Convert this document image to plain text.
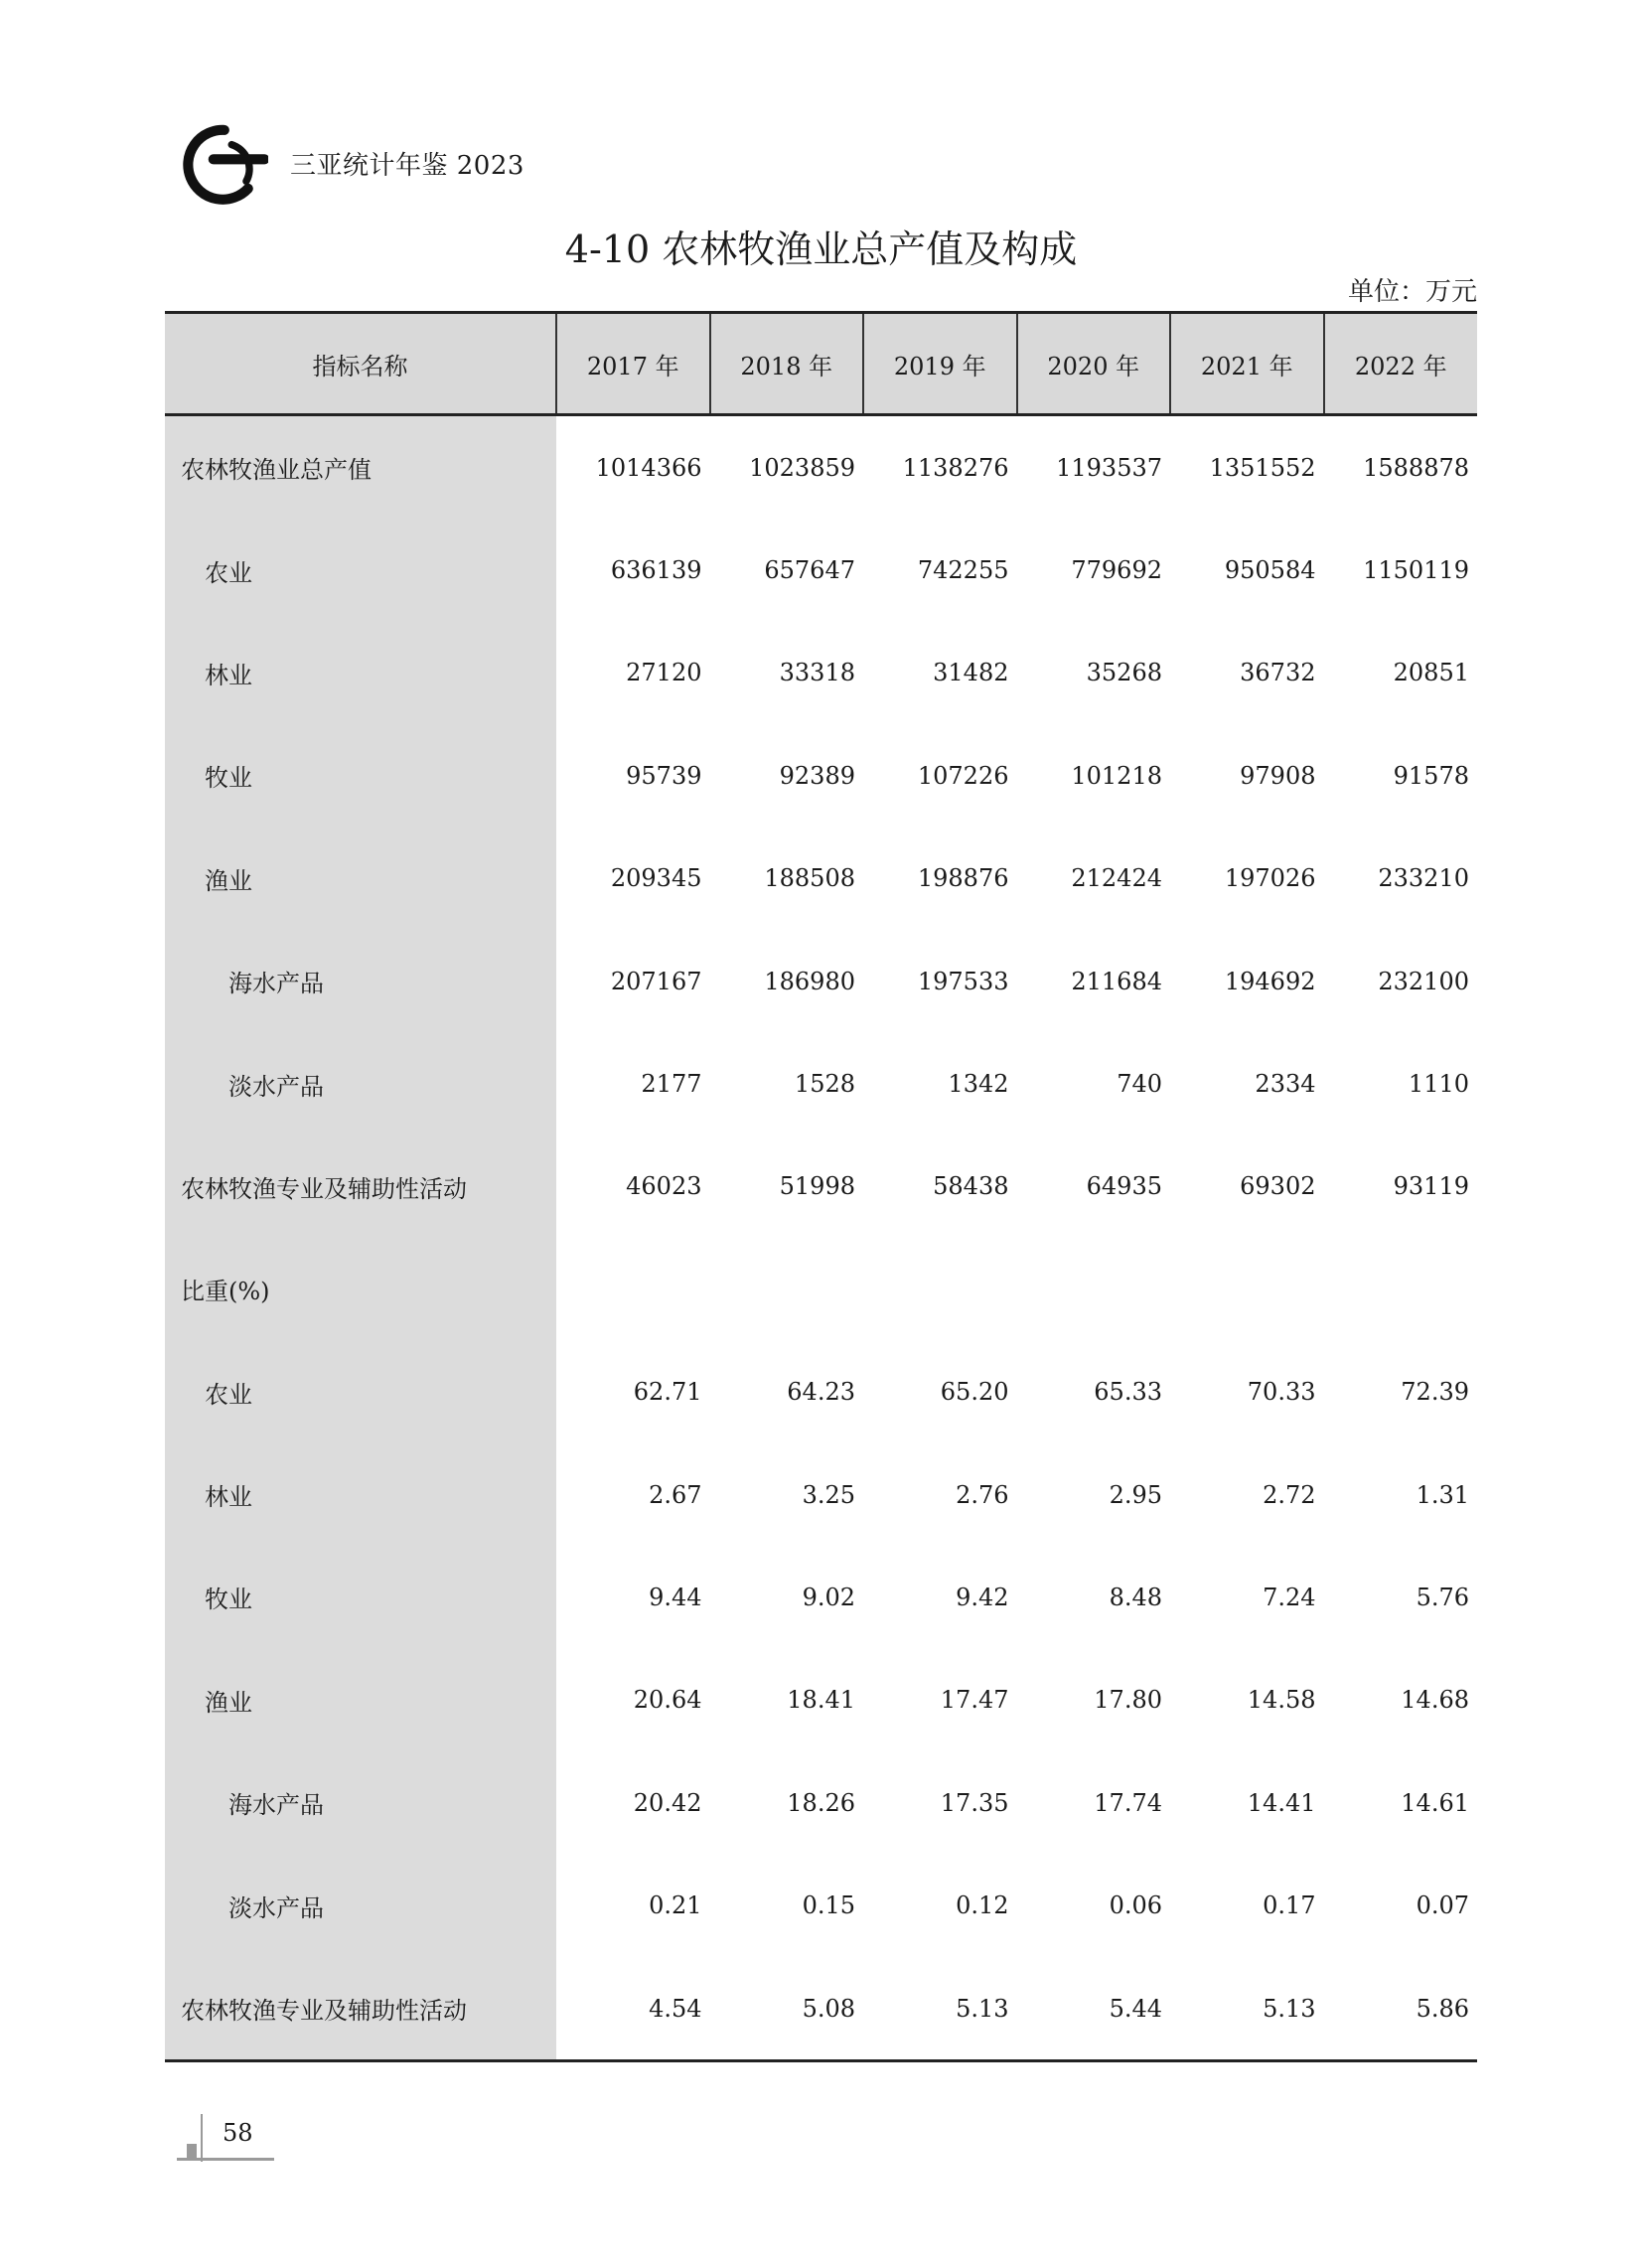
三亚统计年鉴 2023
4-10 农林牧渔业总产值及构成
单位：万元
指标名称	2017 年	2018 年	2019 年	2020 年	2021 年	2022 年
农林牧渔业总产值	1014366	1023859	1138276	1193537	1351552	1588878
农业	636139	657647	742255	779692	950584	1150119
林业	27120	33318	31482	35268	36732	20851
牧业	95739	92389	107226	101218	97908	91578
渔业	209345	188508	198876	212424	197026	233210
海水产品	207167	186980	197533	211684	194692	232100
淡水产品	2177	1528	1342	740	2334	1110
农林牧渔专业及辅助性活动	46023	51998	58438	64935	69302	93119
比重(%)						
农业	62.71	64.23	65.20	65.33	70.33	72.39
林业	2.67	3.25	2.76	2.95	2.72	1.31
牧业	9.44	9.02	9.42	8.48	7.24	5.76
渔业	20.64	18.41	17.47	17.80	14.58	14.68
海水产品	20.42	18.26	17.35	17.74	14.41	14.61
淡水产品	0.21	0.15	0.12	0.06	0.17	0.07
农林牧渔专业及辅助性活动	4.54	5.08	5.13	5.44	5.13	5.86
58
